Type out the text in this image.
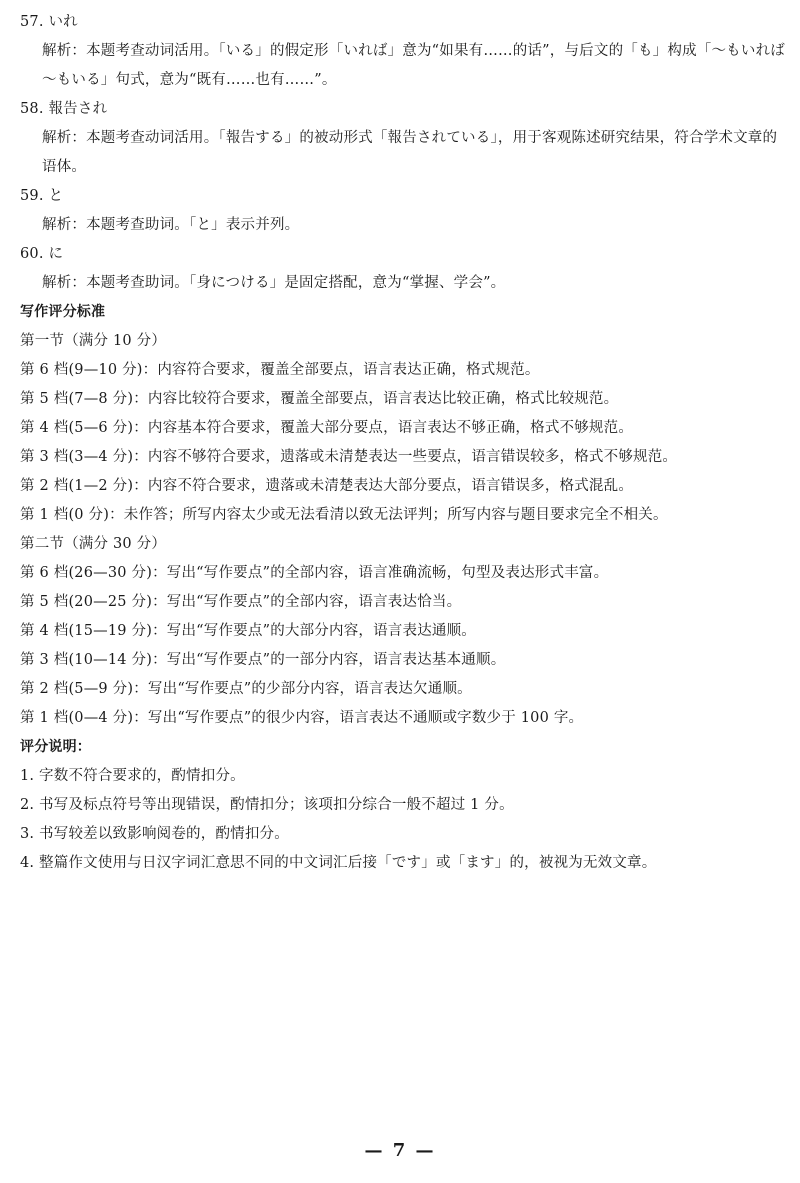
57. いれ
解析：本题考查动词活用。「いる」的假定形「いれば」意为“如果有……的话”，与后文的「も」构成「～もいれば～もいる」句式，意为“既有……也有……”。
58. 報告され
解析：本题考查动词活用。「報告する」的被动形式「報告されている」，用于客观陈述研究结果，符合学术文章的语体。
59. と
解析：本题考查助词。「と」表示并列。
60. に
解析：本题考查助词。「身につける」是固定搭配，意为“掌握、学会”。
写作评分标准
第一节（满分 10 分）
第 6 档(9—10 分)：内容符合要求，覆盖全部要点，语言表达正确，格式规范。
第 5 档(7—8 分)：内容比较符合要求，覆盖全部要点，语言表达比较正确，格式比较规范。
第 4 档(5—6 分)：内容基本符合要求，覆盖大部分要点，语言表达不够正确，格式不够规范。
第 3 档(3—4 分)：内容不够符合要求，遗落或未清楚表达一些要点，语言错误较多，格式不够规范。
第 2 档(1—2 分)：内容不符合要求，遗落或未清楚表达大部分要点，语言错误多，格式混乱。
第 1 档(0 分)：未作答；所写内容太少或无法看清以致无法评判；所写内容与题目要求完全不相关。
第二节（满分 30 分）
第 6 档(26—30 分)：写出“写作要点”的全部内容，语言准确流畅，句型及表达形式丰富。
第 5 档(20—25 分)：写出“写作要点”的全部内容，语言表达恰当。
第 4 档(15—19 分)：写出“写作要点”的大部分内容，语言表达通顺。
第 3 档(10—14 分)：写出“写作要点”的一部分内容，语言表达基本通顺。
第 2 档(5—9 分)：写出“写作要点”的少部分内容，语言表达欠通顺。
第 1 档(0—4 分)：写出“写作要点”的很少内容，语言表达不通顺或字数少于 100 字。
评分说明：
1. 字数不符合要求的，酌情扣分。
2. 书写及标点符号等出现错误，酌情扣分；该项扣分综合一般不超过 1 分。
3. 书写较差以致影响阅卷的，酌情扣分。
4. 整篇作文使用与日汉字词汇意思不同的中文词汇后接「です」或「ます」的，被视为无效文章。
— 7 —
